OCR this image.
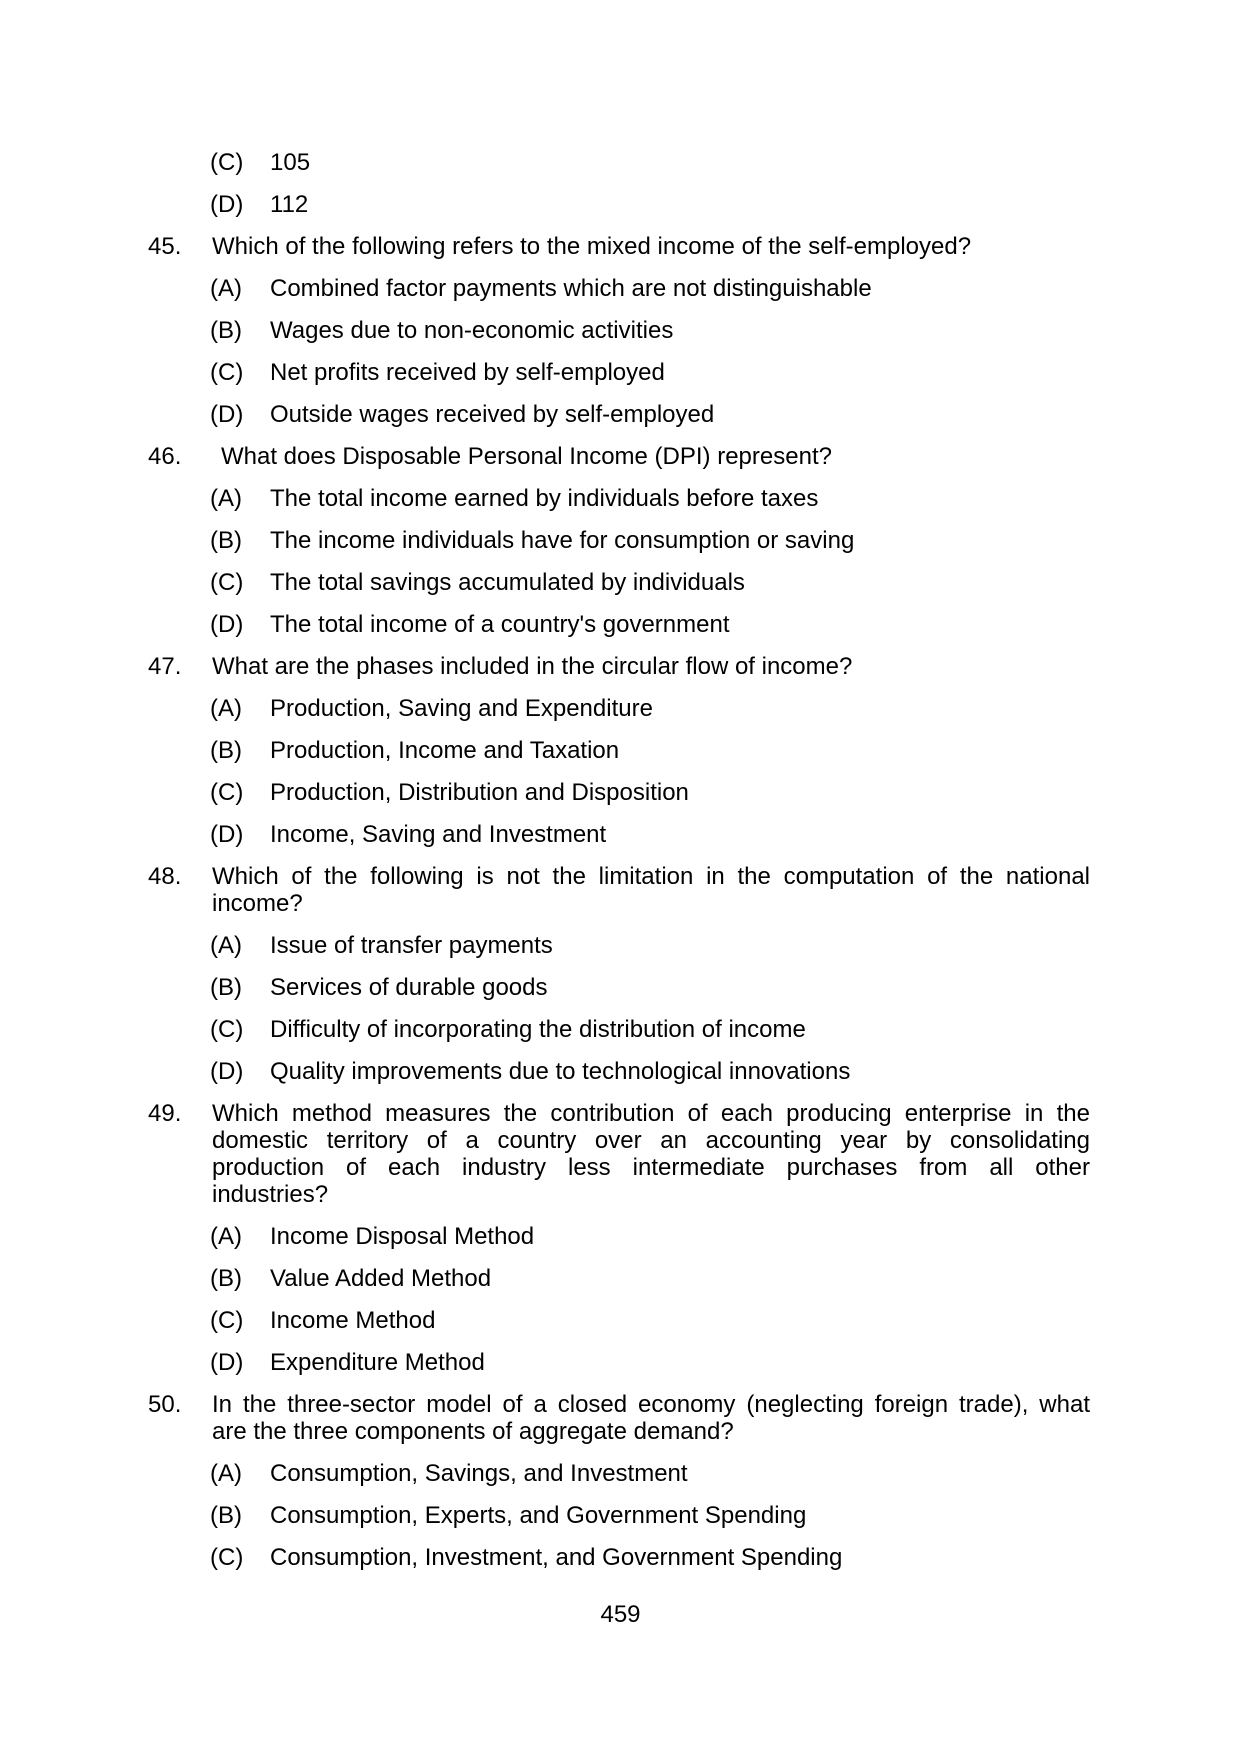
(C)	105
(D)	112
45.	Which of the following refers to the mixed income of the self-employed?
(A)	Combined factor payments which are not distinguishable
(B)	Wages due to non-economic activities
(C)	Net profits received by self-employed
(D)	Outside wages received by self-employed
46.	What does Disposable Personal Income (DPI) represent?
(A)	The total income earned by individuals before taxes
(B)	The income individuals have for consumption or saving
(C)	The total savings accumulated by individuals
(D)	The total income of a country's government
47.	What are the phases included in the circular flow of income?
(A)	Production, Saving and Expenditure
(B)	Production, Income and Taxation
(C)	Production, Distribution and Disposition
(D)	Income, Saving and Investment
48.	Which of the following is not the limitation in the computation of the national
income?
(A)	Issue of transfer payments
(B)	Services of durable goods
(C)	Difficulty of incorporating the distribution of income
(D)	Quality improvements due to technological innovations
49.	Which method measures the contribution of each producing enterprise in the
domestic territory of a country over an accounting year by consolidating
production of each industry less intermediate purchases from all other
industries?
(A)	Income Disposal Method
(B)	Value Added Method
(C)	Income Method
(D)	Expenditure Method
50.	In the three-sector model of a closed economy (neglecting foreign trade), what
are the three components of aggregate demand?
(A)	Consumption, Savings, and Investment
(B)	Consumption, Experts, and Government Spending
(C)	Consumption, Investment, and Government Spending
459
